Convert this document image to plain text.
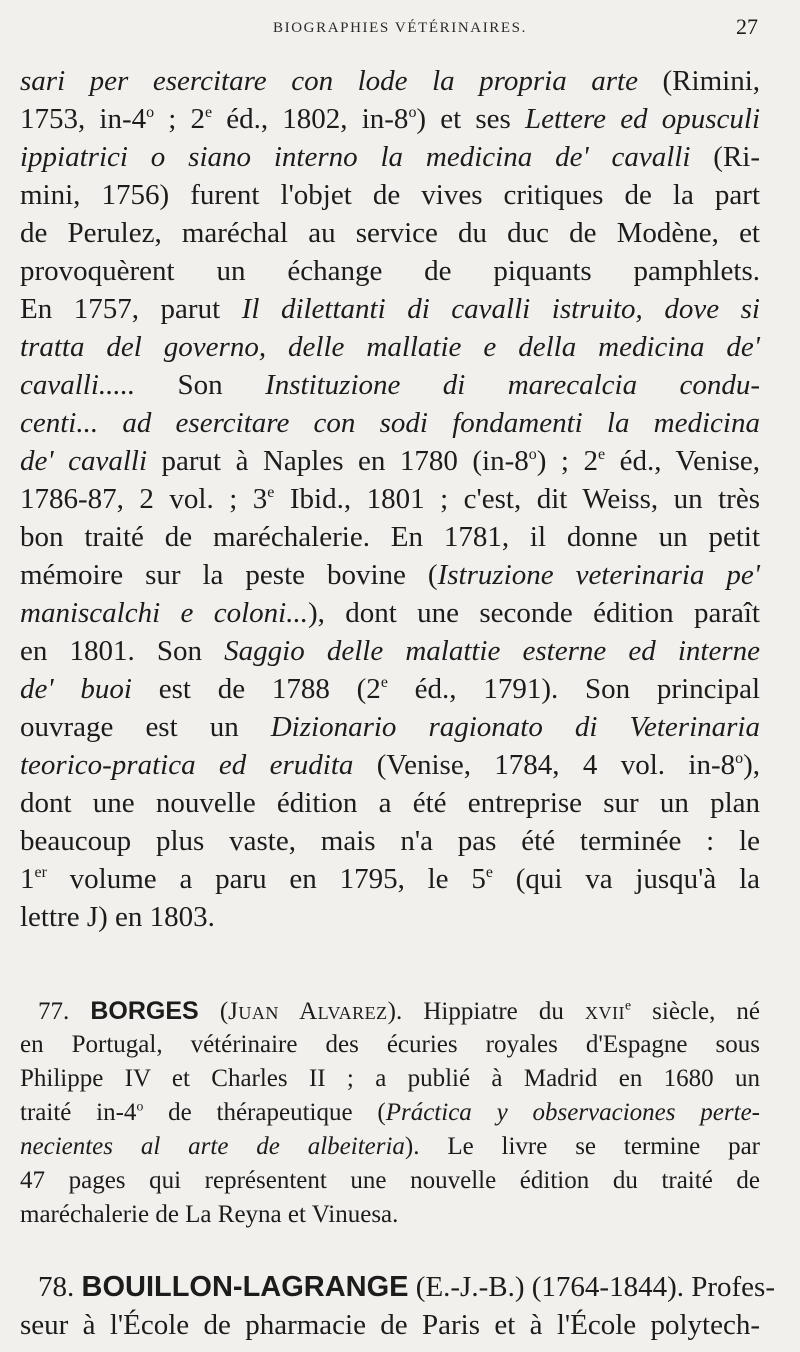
BIOGRAPHIES VÉTÉRINAIRES.	27
sari per esercitare con lode la propria arte (Rimini,
1753, in-4$^o$ ; 2e éd., 1802, in-8$^o$) et ses Lettere ed opusculi
ippiatrici o siano interno la medicina de' cavalli (Ri-
mini, 1756) furent l'objet de vives critiques de la part
de Perulez, maréchal au service du duc de Modène, et
provoquèrent un échange de piquants pamphlets.
En 1757, parut Il dilettanti di cavalli istruito, dove si
tratta del governo, delle mallatie e della medicina de'
cavalli..... Son Instituzione di marecalcia condu-
centi... ad esercitare con sodi fondamenti la medicina
de' cavalli parut à Naples en 1780 (in-8$^o$) ; 2e éd., Venise,
1786-87, 2 vol. ; 3e Ibid., 1801 ; c'est, dit Weiss, un très
bon traité de maréchalerie. En 1781, il donne un petit
mémoire sur la peste bovine (Istruzione veterinaria pe'
maniscalchi e coloni...), dont une seconde édition paraît
en 1801. Son Saggio delle malattie esterne ed interne
de' buoi est de 1788 (2e éd., 1791). Son principal
ouvrage est un Dizionario ragionato di Veterinaria
teorico-pratica ed erudita (Venise, 1784, 4 vol. in-8$^o$),
dont une nouvelle édition a été entreprise sur un plan
beaucoup plus vaste, mais n'a pas été terminée : le
1er volume a paru en 1795, le 5e (qui va jusqu'à la
lettre J) en 1803.
77. BORGES (Juan Alvarez). Hippiatre du xvii$^e$ siècle, né
en Portugal, vétérinaire des écuries royales d'Espagne sous
Philippe IV et Charles II ; a publié à Madrid en 1680 un
traité in-4$^o$ de thérapeutique (Práctica y observaciones perte-
necientes al arte de albeiteria). Le livre se termine par
47 pages qui représentent une nouvelle édition du traité de
maréchalerie de La Reyna et Vinuesa.
78. BOUILLON-LAGRANGE (E.-J.-B.) (1764-1844). Profes-
seur à l'École de pharmacie de Paris et à l'École polytech-
